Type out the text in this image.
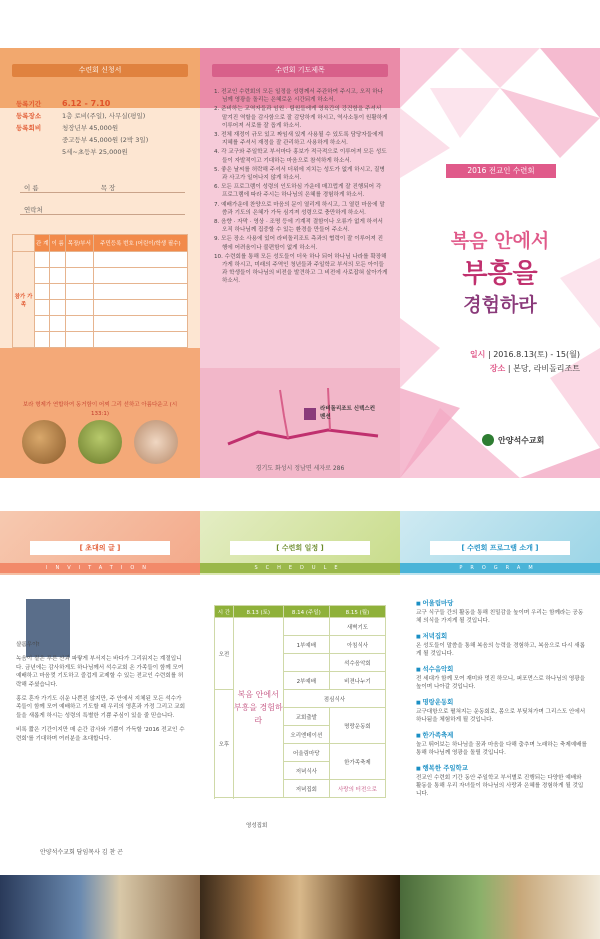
수련회 신청서
등록기간	6.12 - 7.10
등록장소	1층 로비(주일), 사무실(평일)
등록회비	청장년부 45,000원
중고등부 45,000원 (2박 3일)
5세~초등부 25,000원
이 름	목 장
연락처
	관 계	이 름	목장/부서	주민등록 번호 (어린이/학생 필수)
참가 가족				

보라 형제가 연합하여 동거함이 어찌 그리 선하고 아름다운고 (시 133:1)
수련회 기도제목
1. 전교인 수련회의 모든 일정을 성령께서 주관하여 주시고, 오직 하나님께 영광을 돌리는 은혜로운 시간되게 하소서.
2. 준비하는 교역자들과 임원 · 팀원들에게 영육간의 강건함을 주셔서 맡겨진 역할을 감사함으로 잘 감당하게 하시고, 역사소통이 원활하게 이루어져 서로를 잘 돕게 하소서.
3. 전체 재정이 규모 있고 짜임새 있게 사용될 수 있도록 담당자들에게 지혜를 주셔서 재정을 잘 관리하고 사용하게 하소서.
4. 각 교구와 주일학교 부서마다 홍보가 적극적으로 이루어져 모든 성도들이 자발적이고 기대하는 마음으로 참석하게 하소서.
5. 좋은 날씨를 허락해 주셔서 더위에 지치는 성도가 없게 하시고, 질병과 사고가 일어나지 않게 하소서.
6. 모든 프로그램이 성령의 인도하심 가운데 매끄럽게 잘 진행되어 각 프로그램에 따라 주시는 하나님의 은혜를 경험하게 하소서.
7. 예배가운데 찬양으로 마음의 문이 열리게 하시고, 그 열린 마음에 말씀과 기도의 은혜가 가득 심겨져 성령으로 충만하게 하소서.
8. 음향 · 자막 · 영상 · 조명 등에 기계적 결함이나 오류가 없게 하셔서 오직 하나님께 집중할 수 있는 환경을 만들어 주소서.
9. 모든 장소 사용에 있어 라비돌리조트 측과의 협력이 잘 이루어져 진행에 어려움이나 불편함이 없게 하소서.
10. 수련회를 통해 모든 성도들이 더욱 하나 되어 하나님 나라를 확장해 가게 하시고, 미래의 주역인 청년들과 주일학교 부서의 모든 아이들과 학생들이 하나님의 비전을 발견하고 그 비전에 사로잡혀 살아가게 하소서.
라비돌리조트 신텍스컨벤션
경기도 화성시 정남면 세자로 286
2016 전교인 수련회
복음 안에서
부흥을
경험하라
일시 | 2016.8.13(토) - 15(월)
장소 | 본당, 라비돌리조트
안양석수교회
[ 초대의 글 ]
INVITATION

샬롬우야!

녹음이 짙은 푸른 산과 파랗게 부서지는 바다가 그리워지는 계절입니다. 금년에는 감사하게도 하나님께서 석수교회 온 가족들이 함께 모여 예배하고 마음껏 기도하고 즐겁게 교제할 수 있는 전교인 수련회를 허락해 주셨습니다.

홍로 혼자 가기도 쉬운 나쁜진 않지만, 주 안에서 지체된 모든 석수가족들이 함께 모여 예배하고 기도할 때 우리의 영혼과 가정 그리고 교회들을 새롭게 하시는 성령의 특별한 기쁨 주심이 있을 줄 믿습니다.

비록 짧은 기간이지만 매 순간 감사와 기쁨이 가득할 '2016 전교인 수련회'를 기대하며 여러분을 초대합니다.

안양석수교회 담임목사 김 찬 곤
[ 수련회 일정 ]
SCHEDULE
시 간	8.13 (토)	8.14 (주일)	8.15 (월)
오전	복음 안에서 부흥을 경험하라		새벽기도
		1부예배	아침식사
			석수음악회
		2부예배	비젼나누기
오후		점심식사	
		교회출발	명랑운동회
		오리엔테이션	
		어울림마당	한가족축제
		저녁식사	
		저녁집회	사랑의 터전으로

영성집회
[ 수련회 프로그램 소개 ]
PROGRAM
■ 어울림마당
교구 식구들 간의 활동을 통해 친밀감을 높이며 우리는 함께라는 공동체 의식을 가지게 될 것입니다.
■ 저녁집회
온 성도들이 말씀을 통해 복음의 능력을 경험하고, 복음으로 다시 새롭게 될 것입니다.
■ 석수음악회
전 세대가 함께 모여 재미와 멋진 하모니, 퍼포먼스로 하나님의 영광을 높이며 나아갈 것입니다.
■ 명랑운동회
교구대항으로 펼쳐지는 운동회로, 몸으로 부딪쳐가며 그리스도 안에서 하나됨을 체험하게 될 것입니다.
■ 한가족축제
놀고 뛰어보는 하나님을 꿈과 마음을 다해 춤추며 노래하는 축제예배를 통해 하나님께 영광을 돌릴 것입니다.
■ 행복한 주일학교
전교인 수련회 기간 동안 주일학교 부서별로 진행되는 다양한 예배와 활동을 통해 우리 자녀들이 하나님의 사랑과 은혜를 경험하게 될 것입니다.
